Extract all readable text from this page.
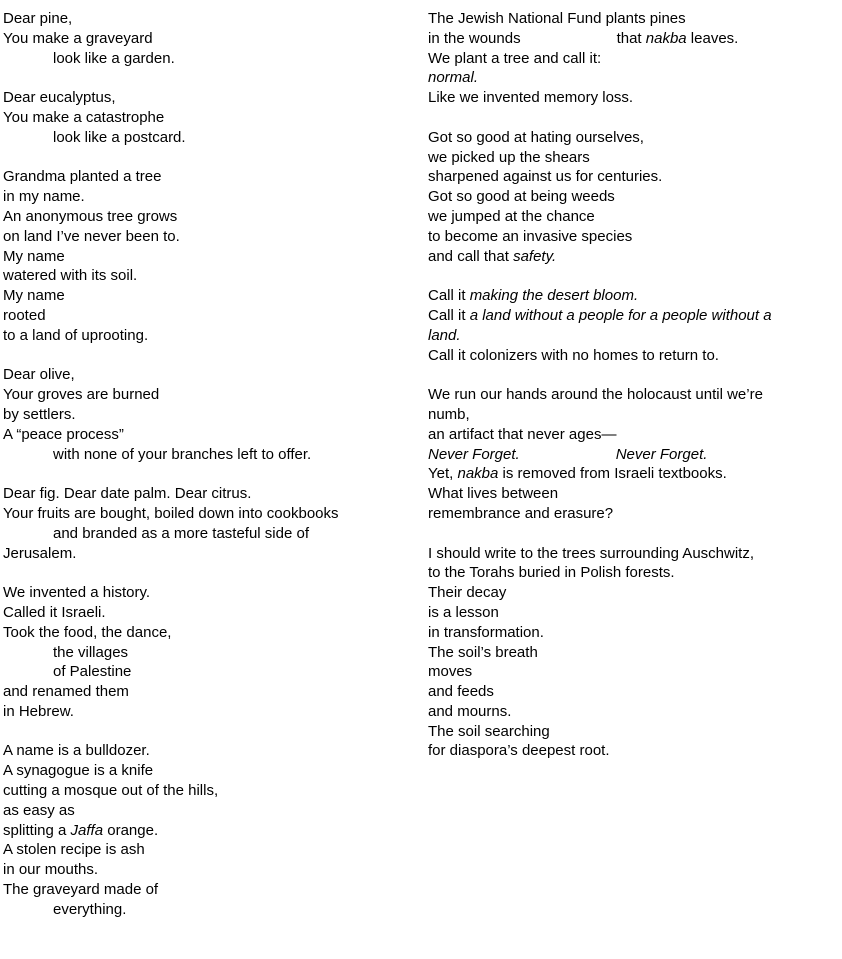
Dear pine,
You make a graveyard
look like a garden.
Dear eucalyptus,
You make a catastrophe
look like a postcard.
Grandma planted a tree
in my name.
An anonymous tree grows
on land I’ve never been to.
My name
watered with its soil.
My name
rooted
to a land of uprooting.
Dear olive,
Your groves are burned
by settlers.
A “peace process”
with none of your branches left to offer.
Dear fig. Dear date palm. Dear citrus.
Your fruits are bought, boiled down into cookbooks
and branded as a more tasteful side of
Jerusalem.
We invented a history.
Called it Israeli.
Took the food, the dance,
the villages
of Palestine
and renamed them
in Hebrew.
A name is a bulldozer.
A synagogue is a knife
cutting a mosque out of the hills,
as easy as
splitting a Jaffa orange.
A stolen recipe is ash
in our mouths.
The graveyard made of
everything.
The Jewish National Fund plants pines
in the wounds	that nakba leaves.
We plant a tree and call it:
normal.
Like we invented memory loss.
Got so good at hating ourselves,
we picked up the shears
sharpened against us for centuries.
Got so good at being weeds
we jumped at the chance
to become an invasive species
and call that safety.
Call it making the desert bloom.
Call it a land without a people for a people without a
land.
Call it colonizers with no homes to return to.
We run our hands around the holocaust until we’re
numb,
an artifact that never ages—
Never Forget.	Never Forget.
Yet, nakba is removed from Israeli textbooks.
What lives between
remembrance and erasure?
I should write to the trees surrounding Auschwitz,
to the Torahs buried in Polish forests.
Their decay
is a lesson
in transformation.
The soil’s breath
moves
and feeds
and mourns.
The soil searching
for diaspora’s deepest root.
